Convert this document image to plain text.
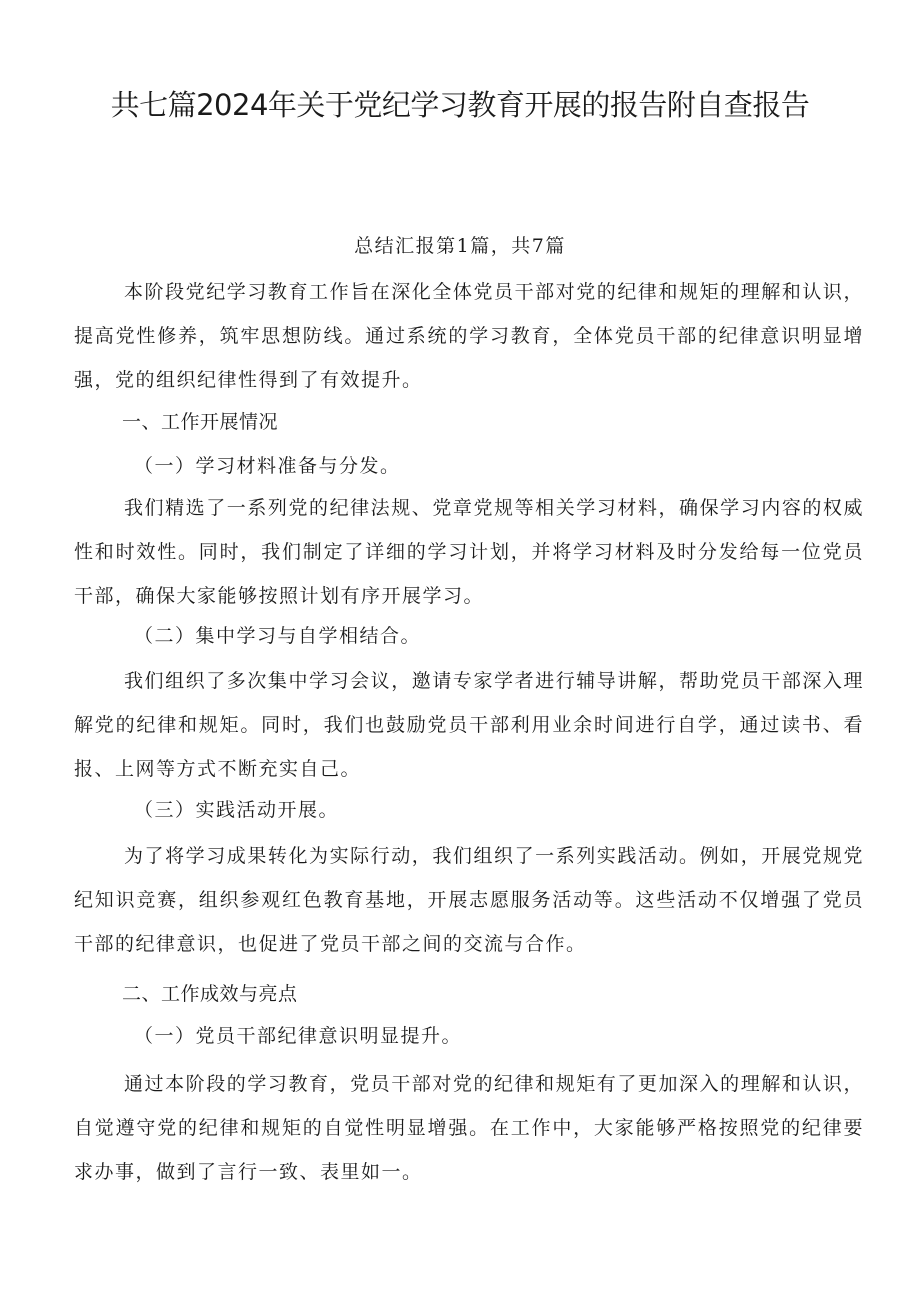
共七篇2024年关于党纪学习教育开展的报告附自查报告
总结汇报第1篇，共7篇

本阶段党纪学习教育工作旨在深化全体党员干部对党的纪律和规矩的理解和认识，提高党性修养，筑牢思想防线。通过系统的学习教育，全体党员干部的纪律意识明显增强，党的组织纪律性得到了有效提升。

一、工作开展情况

（一）学习材料准备与分发。

我们精选了一系列党的纪律法规、党章党规等相关学习材料，确保学习内容的权威性和时效性。同时，我们制定了详细的学习计划，并将学习材料及时分发给每一位党员干部，确保大家能够按照计划有序开展学习。

（二）集中学习与自学相结合。

我们组织了多次集中学习会议，邀请专家学者进行辅导讲解，帮助党员干部深入理解党的纪律和规矩。同时，我们也鼓励党员干部利用业余时间进行自学，通过读书、看报、上网等方式不断充实自己。

（三）实践活动开展。

为了将学习成果转化为实际行动，我们组织了一系列实践活动。例如，开展党规党纪知识竞赛，组织参观红色教育基地，开展志愿服务活动等。这些活动不仅增强了党员干部的纪律意识，也促进了党员干部之间的交流与合作。

二、工作成效与亮点

（一）党员干部纪律意识明显提升。

通过本阶段的学习教育，党员干部对党的纪律和规矩有了更加深入的理解和认识，自觉遵守党的纪律和规矩的自觉性明显增强。在工作中，大家能够严格按照党的纪律要求办事，做到了言行一致、表里如一。
